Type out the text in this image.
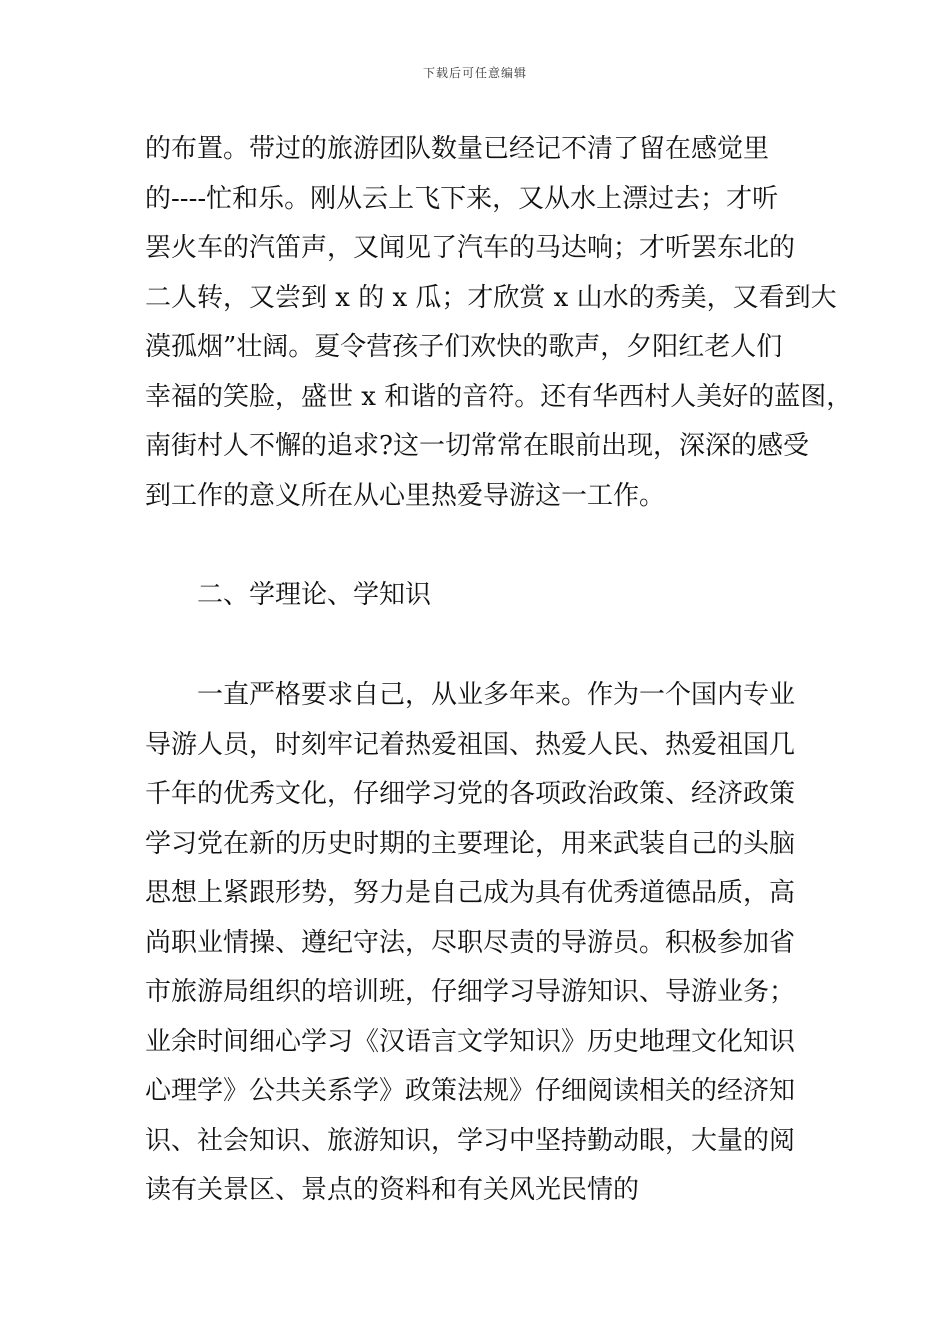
下载后可任意编辑
的布置。带过的旅游团队数量已经记不清了留在感觉里
的----忙和乐。刚从云上飞下来，又从水上漂过去；才听
罢火车的汽笛声，又闻见了汽车的马达响；才听罢东北的
二人转，又尝到 x 的 x 瓜；才欣赏 x 山水的秀美，又看到大
漠孤烟”壮阔。夏令营孩子们欢快的歌声，夕阳红老人们
幸福的笑脸，盛世 x 和谐的音符。还有华西村人美好的蓝图，
南街村人不懈的追求?这一切常常在眼前出现，深深的感受
到工作的意义所在从心里热爱导游这一工作。
二、学理论、学知识
一直严格要求自己，从业多年来。作为一个国内专业
导游人员，时刻牢记着热爱祖国、热爱人民、热爱祖国几
千年的优秀文化，仔细学习党的各项政治政策、经济政策
学习党在新的历史时期的主要理论，用来武装自己的头脑
思想上紧跟形势，努力是自己成为具有优秀道德品质，高
尚职业情操、遵纪守法，尽职尽责的导游员。积极参加省
市旅游局组织的培训班，仔细学习导游知识、导游业务；
业余时间细心学习《汉语言文学知识》历史地理文化知识
心理学》公共关系学》政策法规》仔细阅读相关的经济知
识、社会知识、旅游知识，学习中坚持勤动眼，大量的阅
读有关景区、景点的资料和有关风光民情的
